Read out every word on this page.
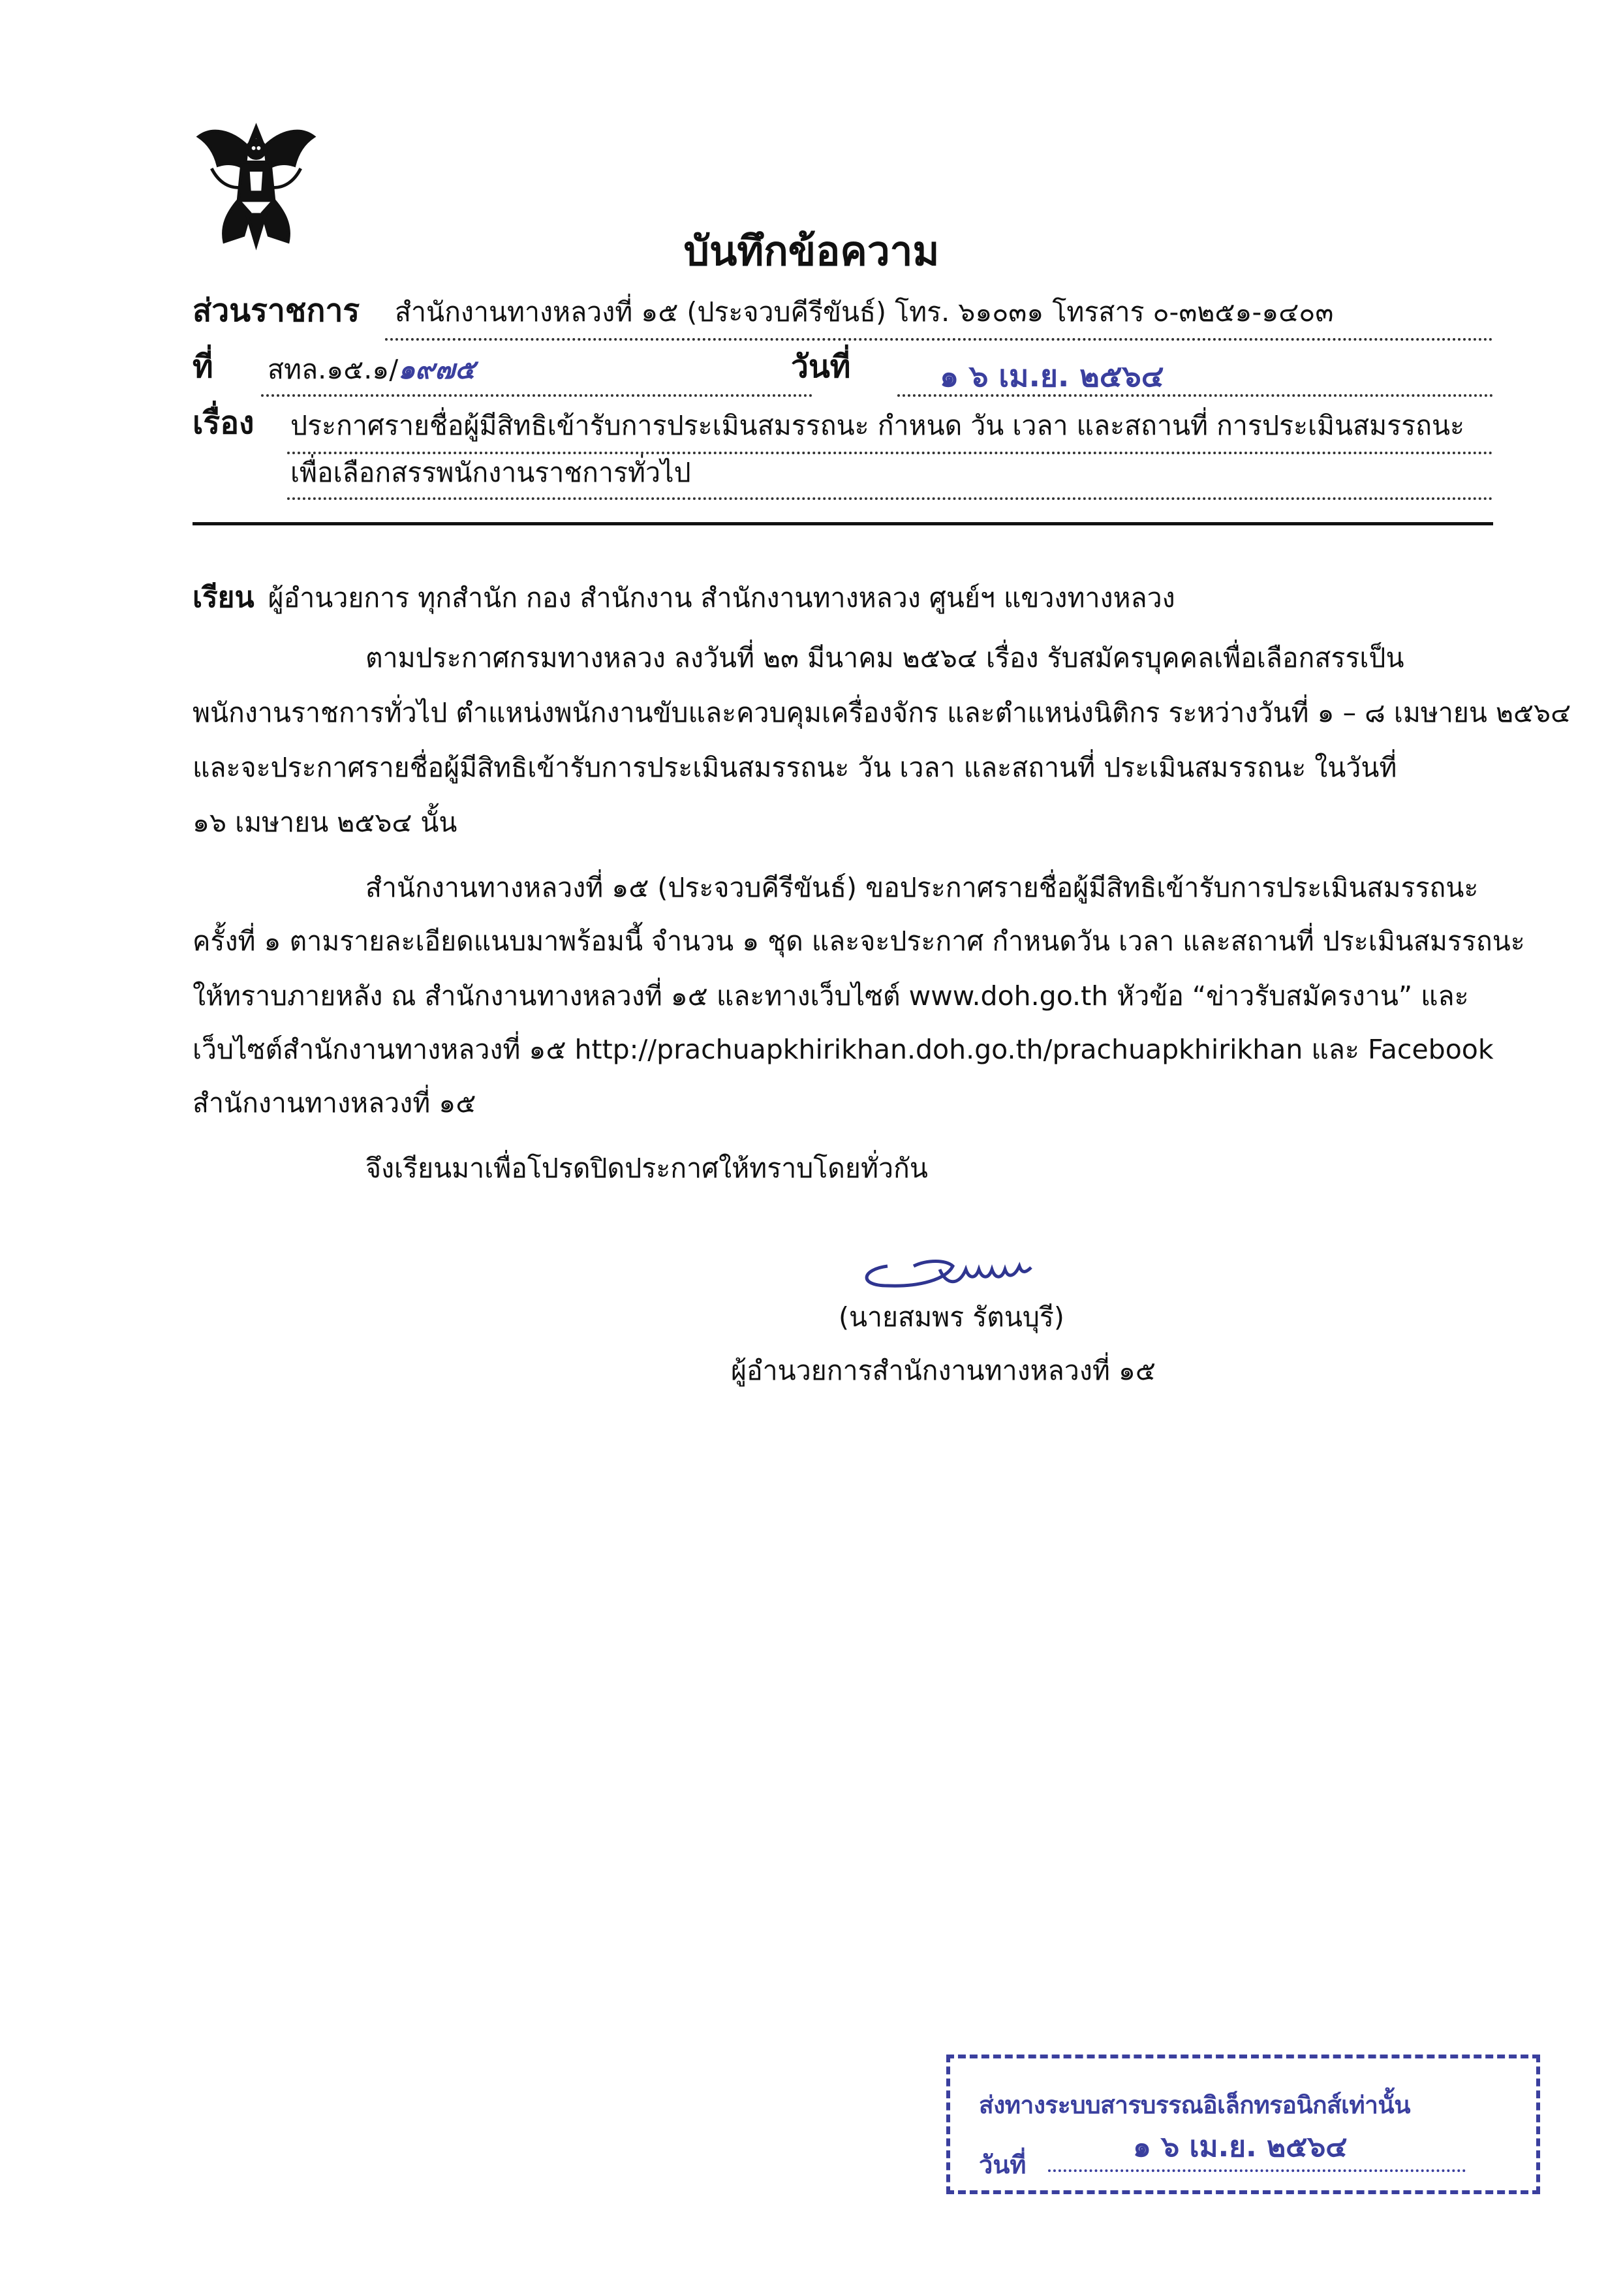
บันทึกข้อความ
ส่วนราชการ สำนักงานทางหลวงที่ ๑๕ (ประจวบคีรีขันธ์) โทร. ๖๑๐๓๑ โทรสาร ๐-๓๒๕๑-๑๔๐๓
ที่ สทล.๑๕.๑/๑๙๗๕	วันที่	๑ ๖ เม.ย. ๒๕๖๔
เรื่อง ประกาศรายชื่อผู้มีสิทธิเข้ารับการประเมินสมรรถนะ กำหนด วัน เวลา และสถานที่ การประเมินสมรรถนะ
เพื่อเลือกสรรพนักงานราชการทั่วไป
เรียน ผู้อำนวยการ ทุกสำนัก กอง สำนักงาน สำนักงานทางหลวง ศูนย์ฯ แขวงทางหลวง
ตามประกาศกรมทางหลวง ลงวันที่ ๒๓ มีนาคม ๒๕๖๔ เรื่อง รับสมัครบุคคลเพื่อเลือกสรรเป็น
พนักงานราชการทั่วไป ตำแหน่งพนักงานขับและควบคุมเครื่องจักร และตำแหน่งนิติกร ระหว่างวันที่ ๑ – ๘ เมษายน ๒๕๖๔
และจะประกาศรายชื่อผู้มีสิทธิเข้ารับการประเมินสมรรถนะ วัน เวลา และสถานที่ ประเมินสมรรถนะ ในวันที่
๑๖ เมษายน ๒๕๖๔ นั้น
สำนักงานทางหลวงที่ ๑๕ (ประจวบคีรีขันธ์) ขอประกาศรายชื่อผู้มีสิทธิเข้ารับการประเมินสมรรถนะ
ครั้งที่ ๑ ตามรายละเอียดแนบมาพร้อมนี้ จำนวน ๑ ชุด และจะประกาศ กำหนดวัน เวลา และสถานที่ ประเมินสมรรถนะ
ให้ทราบภายหลัง ณ สำนักงานทางหลวงที่ ๑๕ และทางเว็บไซต์ www.doh.go.th หัวข้อ “ข่าวรับสมัครงาน” และ
เว็บไซต์สำนักงานทางหลวงที่ ๑๕ http://prachuapkhirikhan.doh.go.th/prachuapkhirikhan และ Facebook
สำนักงานทางหลวงที่ ๑๕
จึงเรียนมาเพื่อโปรดปิดประกาศให้ทราบโดยทั่วกัน
(นายสมพร รัตนบุรี)
ผู้อำนวยการสำนักงานทางหลวงที่ ๑๕
ส่งทางระบบสารบรรณอิเล็กทรอนิกส์เท่านั้น
วันที่
๑ ๖ เม.ย. ๒๕๖๔
